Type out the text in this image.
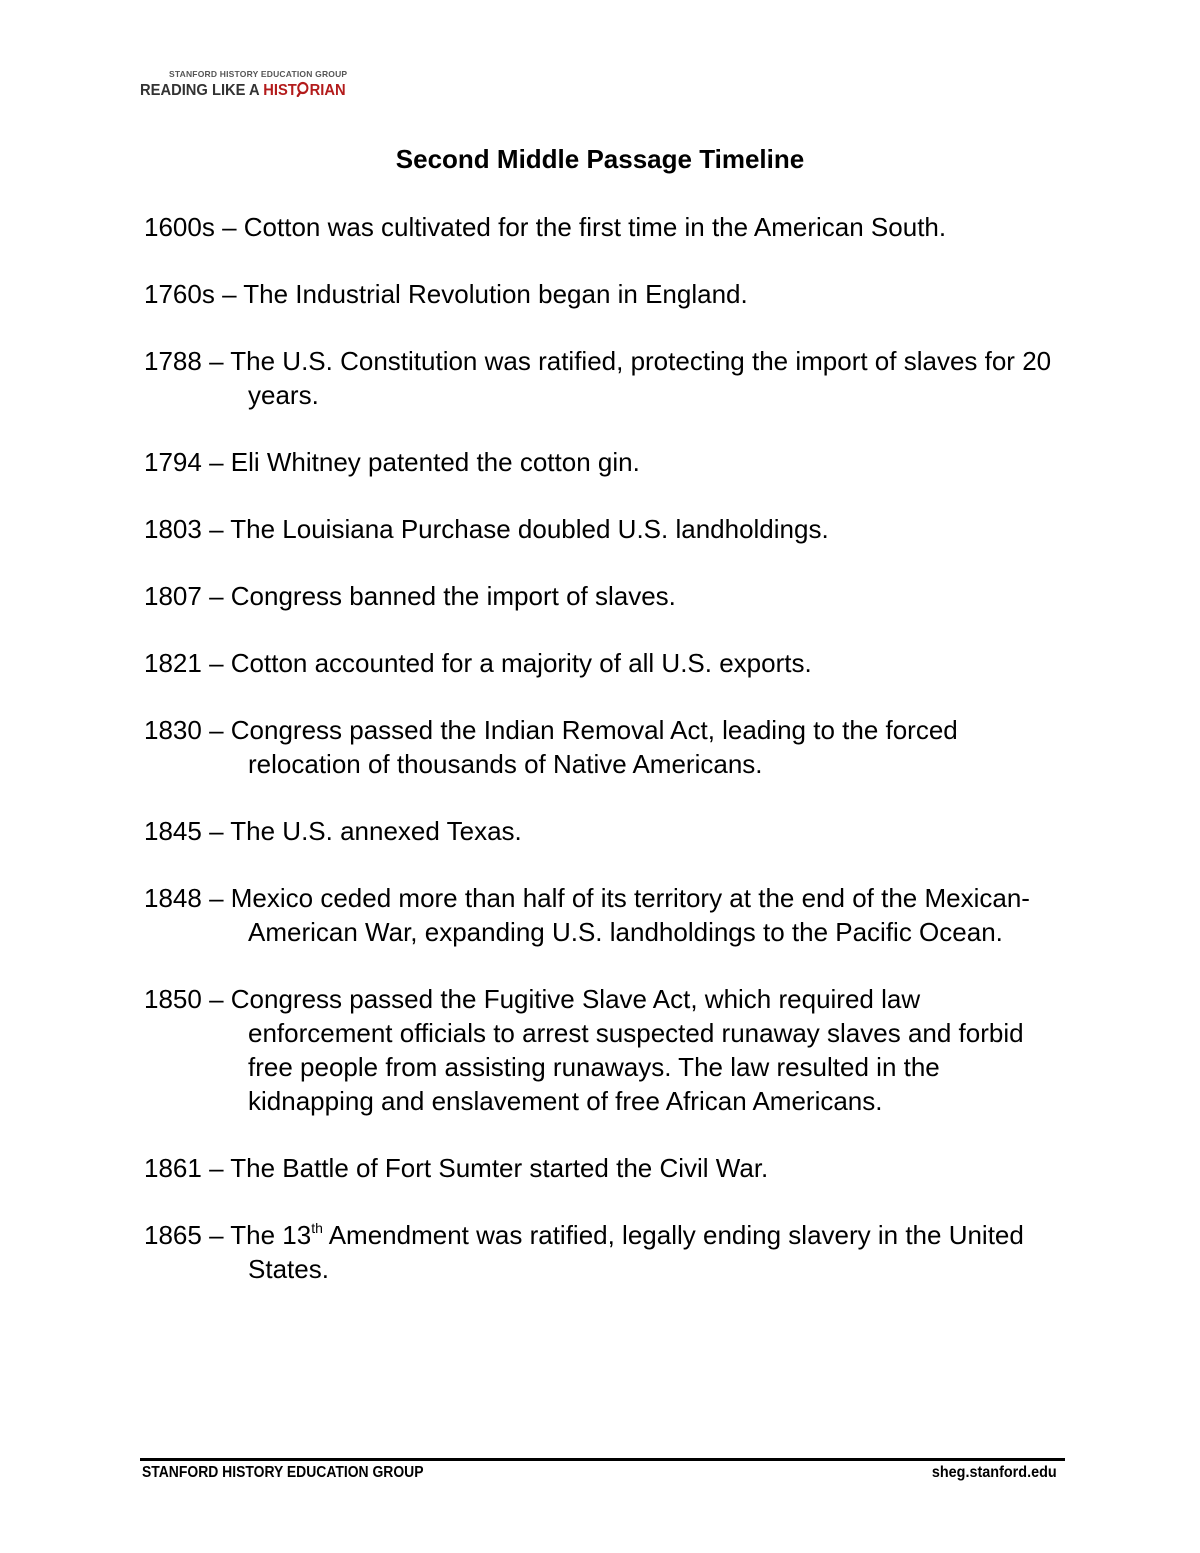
STANFORD HISTORY EDUCATION GROUP
READING LIKE A HIST RIAN
Second Middle Passage Timeline
1600s – Cotton was cultivated for the first time in the American South.
1760s – The Industrial Revolution began in England.
1788 – The U.S. Constitution was ratified, protecting the import of slaves for 20 years.
1794 – Eli Whitney patented the cotton gin.
1803 – The Louisiana Purchase doubled U.S. landholdings.
1807 – Congress banned the import of slaves.
1821 – Cotton accounted for a majority of all U.S. exports.
1830 – Congress passed the Indian Removal Act, leading to the forced relocation of thousands of Native Americans.
1845 – The U.S. annexed Texas.
1848 – Mexico ceded more than half of its territory at the end of the Mexican-American War, expanding U.S. landholdings to the Pacific Ocean.
1850 – Congress passed the Fugitive Slave Act, which required law enforcement officials to arrest suspected runaway slaves and forbid free people from assisting runaways. The law resulted in the kidnapping and enslavement of free African Americans.
1861 – The Battle of Fort Sumter started the Civil War.
1865 – The 13th Amendment was ratified, legally ending slavery in the United States.
STANFORD HISTORY EDUCATION GROUP	sheg.stanford.edu
